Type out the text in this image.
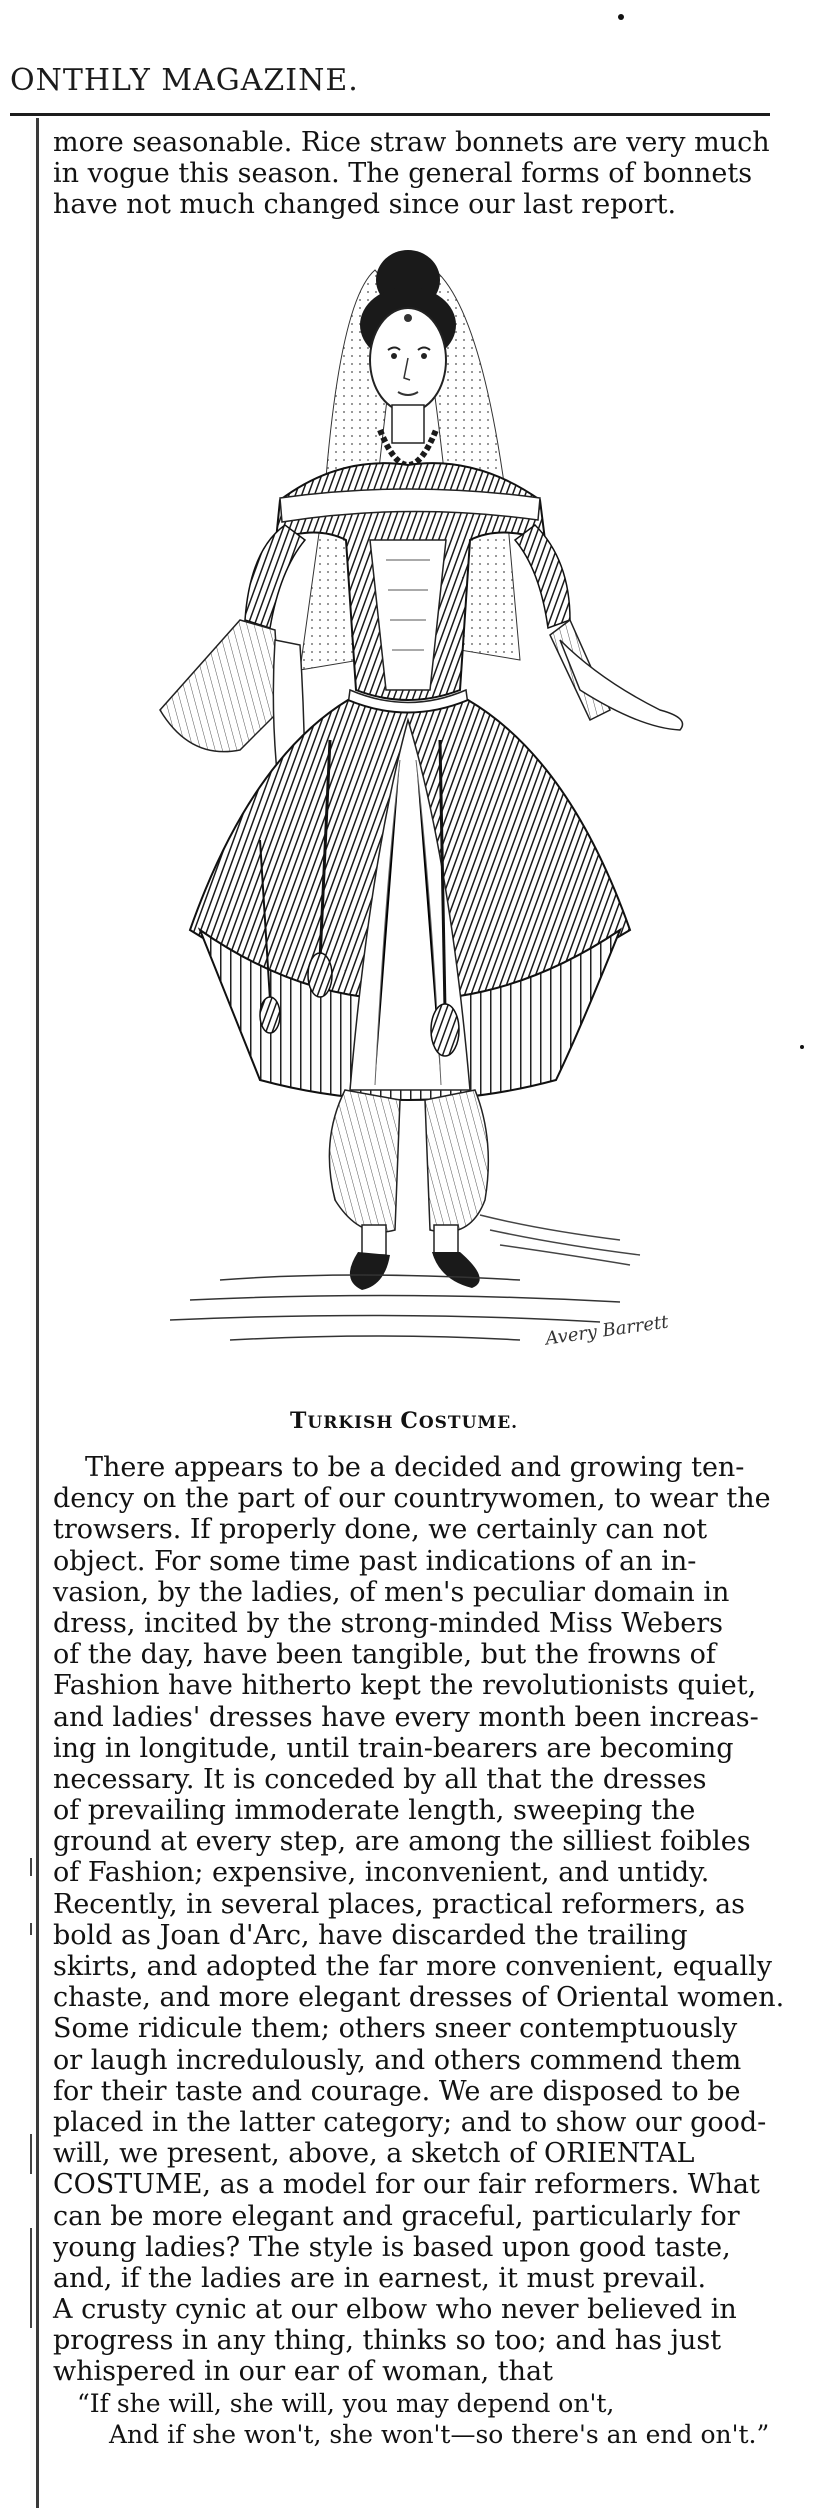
ONTHLY MAGAZINE.
more seasonable. Rice straw bonnets are very much
in vogue this season. The general forms of bonnets
have not much changed since our last report.
Avery Barrett
TURKISH COSTUME.
There appears to be a decided and growing ten-
dency on the part of our countrywomen, to wear the
trowsers. If properly done, we certainly can not
object. For some time past indications of an in-
vasion, by the ladies, of men's peculiar domain in
dress, incited by the strong-minded Miss Webers
of the day, have been tangible, but the frowns of
Fashion have hitherto kept the revolutionists quiet,
and ladies' dresses have every month been increas-
ing in longitude, until train-bearers are becoming
necessary. It is conceded by all that the dresses
of prevailing immoderate length, sweeping the
ground at every step, are among the silliest foibles
of Fashion; expensive, inconvenient, and untidy.
Recently, in several places, practical reformers, as
bold as Joan d'Arc, have discarded the trailing
skirts, and adopted the far more convenient, equally
chaste, and more elegant dresses of Oriental women.
Some ridicule them; others sneer contemptuously
or laugh incredulously, and others commend them
for their taste and courage. We are disposed to be
placed in the latter category; and to show our good-
will, we present, above, a sketch of ORIENTAL
COSTUME, as a model for our fair reformers. What
can be more elegant and graceful, particularly for
young ladies? The style is based upon good taste,
and, if the ladies are in earnest, it must prevail.
A crusty cynic at our elbow who never believed in
progress in any thing, thinks so too; and has just
whispered in our ear of woman, that
“If she will, she will, you may depend on't,
And if she won't, she won't—so there's an end on't.”
